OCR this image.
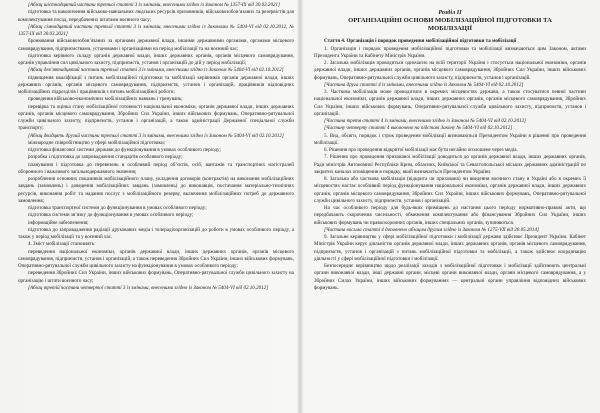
[Абзац шістнадцятий частини третьої статті 3 із змінами, внесеними згідно із Законом № 1357-IX від 30.03.2021]

підготовка та накопичення військово-навчальних людських ресурсів призовників, військовозобов’язаних та резервістів для комплектування посад, передбачених штатами воєнного часу;

[Абзац сімнадцятий частини третьої статті 3 із змінами, внесеними згідно із Законами № 5404-VI від 02.10.2012, № 1357-IX від 30.03.2021]

бронювання військовозобов’язаних за органами державної влади, іншими державними органами, органами місцевого самоврядування, підприємствами, установами і організаціями на період мобілізації та на воєнний час;

підготовка керівного складу органів державної влади, інших державних органів, органів місцевого самоврядування, органів управління сил цивільного захисту, підприємств, установ і організацій до дій у період мобілізації;

[Абзац дев’ятнадцятий частини третьої статті 3 із змінами, внесеними згідно із Законом № 5404-VI від 02.10.2012]

підвищення кваліфікації з питань мобілізаційної підготовки та мобілізації керівників органів державної влади, інших державних органів, органів місцевого самоврядування, підприємств, установ і організацій, працівників відповідних мобілізаційних підрозділів і працівників з питань мобілізаційної роботи;

проведення військово-економічних мобілізаційних навчань і тренувань;

перевірка та оцінка стану мобілізаційної готовності національної економіки, органів державної влади, інших державних органів, органів місцевого самоврядування, Збройних Сил України, інших військових формувань, Оперативно-рятувальної служби цивільного захисту, підприємств, установ і організацій, а також адміністрації Державної спеціальної служби транспорту;

[Абзац двадцять другий частини третьої статті 3 із змінами, внесеними згідно із Законом № 5404-VI від 02.10.2012]

міжнародне співробітництво у сфері мобілізаційної підготовки;

підготовка фінансової системи держави до функціонування в умовах особливого періоду;

розробка і підготовка до запровадження стандартів особливого періоду;

планування і підготовка до перевезень в особливий період об’єктів, осіб, вантажів та транспортних магістралей оборонного і важливого загальнодержавного значення;

розроблення основних показників мобілізаційного плану, укладення договорів (контрактів) на виконання мобілізаційних завдань (замовлень) і доведення мобілізаційних завдань (замовлень) до виконавців, постачання матеріально-технічних ресурсів, виконання робіт та надання послуг з мобілізаційного резерву, включення мобілізаційних потреб до державного замовлення;

підготовка транспортної системи до функціонування в умовах особливого періоду;

підготовка системи зв’язку до функціонування в умовах особливого періоду;

інформаційне забезпечення;

підготовка до запровадження радіації друкованих медіа і телерадіоорганізацій до роботи в умовах особливого періоду, а також у період мобілізації та у воєнний час.

4. Зміст мобілізації становлять:

переведення національної економіки, органів державної влади, інших державних органів, органів місцевого самоврядування, підприємств, установ і організацій, а також переведення Збройних Сил України, інших військових формувань, Оперативно-рятувальної служби цивільного захисту на функціонування в умовах особливого періоду;

переведення Збройних Сил України, інших військових формувань, Оперативно-рятувальної служби цивільного захисту на організацію і штати воєнного часу;

[Абзац третій частини четвертої статті 3 із змінами, внесеними згідно із Законом № 5404-VI від 02.10.2012]

Розділ II
ОРГАНІЗАЦІЙНІ ОСНОВИ МОБІЛІЗАЦІЙНОЇ ПІДГОТОВКИ ТА МОБІЛІЗАЦІЇ

Стаття 4. Організація і порядок проведення мобілізаційної підготовки та мобілізації

1. Організація і порядок проведення мобілізаційної підготовки та мобілізації визначаються цим Законом, актами Президента України та Кабінету Міністрів України.

2. Загальна мобілізація проводиться одночасно на всій території України і стосується національної економіки, органів державної влади, інших державних органів, органів місцевого самоврядування, Збройних Сил України, інших військових формувань, Оперативно-рятувальної служби цивільного захисту, підприємств, установ і організацій.

[Частина друга статті 4 із змінами, внесеними згідно із Законом № 5404-VI від 02.10.2012]

3. Часткова мобілізація може проводитися в окремих місцевостях держави, а також стосуватися певної частини національної економіки, органів державної влади, інших державних органів, органів місцевого самоврядування, Збройних Сил України, інших військових формувань, Оперативно-рятувальної служби цивільного захисту, підприємств, установ і організацій.

[Частина третя статті 4 із змінами, внесеними згідно із Законом № 5404-VI від 02.10.2012]

[Частину четверту статті 4 виключено на підставі Закону № 5404-VI від 02.10.2012]

5. Вид, обсяги, порядок і строк проведення мобілізації визначаються Президентом України в рішенні про проведення мобілізації.

6. Рішення про проведення відкритої мобілізації має бути негайно оголошене через медіа.

7. Рішення про проведення прихованої мобілізації доводиться до органів державної влади, інших державних органів, Ради міністрів Автономної Республіки Крим, обласних, Київської та Севастопольської міських державних адміністрацій по закритих каналах оповіщення в порядку, який визначається Президентом України.

8. Загальна або часткова мобілізація (відкрита чи прихована) чи введення воєнного стану в Україні або в окремих її місцевостях настає особливий період функціонування національної економіки, органів державної влади, інших державних органів, органів місцевого самоврядування, Збройних Сил України, інших військових формувань, Оперативно-рятувальної служби цивільного захисту, підприємств, установ і організацій.

На час особливого періоду для будь-яких приміщень до настання цього періоду нормативно-правові акти, що передбачають скорочення чисельності, обмеження комплектування або фінансування Збройних Сил України, інших військових формувань чи правоохоронних органів, інших спеціальних органів, зупиняються.

[Частина восьма статті 4 доповнено абзацом другим згідно із Законом № 1275-VII від 20.05.2014]

9. Загальне керівництво у сфері мобілізаційної підготовки і мобілізації держави здійснює Президент України. Кабінет Міністрів України керує діяльністю органів державної влади, інших державних органів, органів місцевого самоврядування, підприємств, установ і організацій з питань мобілізаційної підготовки та мобілізації, а також здійснює координацію діяльності у сфері мобілізаційної підготовки і мобілізації.

Безпосереднє керівництво щодо реалізації заходів з мобілізаційної підготовки і мобілізації здійснюють центральні органи виконавчої влади, інші державні органи, місцеві органи виконавчої влади, органи місцевого самоврядування, а у Збройних Силах України, інших військових формуваннях — центральні органи управління відповідних військових формувань.
